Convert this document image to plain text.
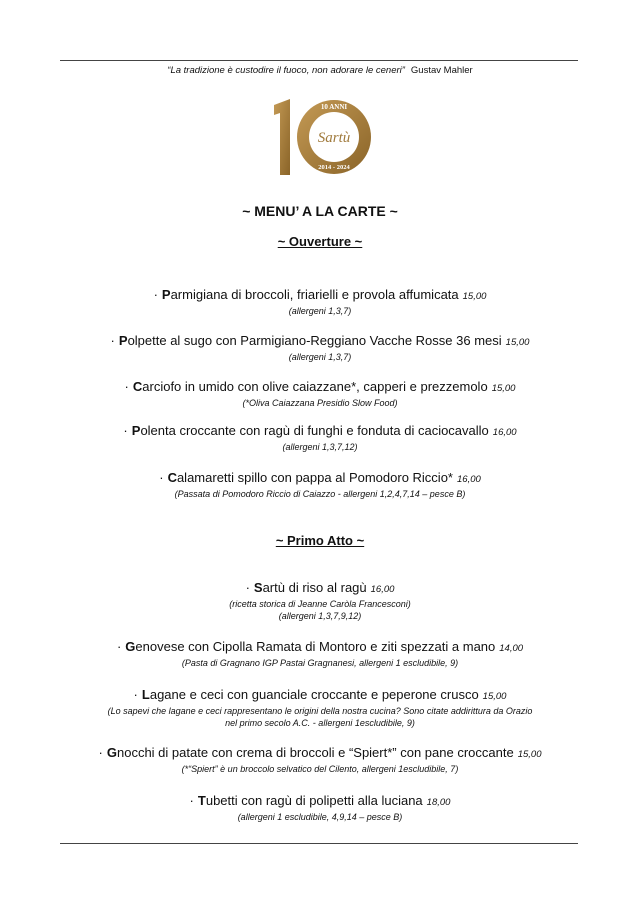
“La tradizione è custodire il fuoco, non adorare le ceneri” Gustav Mahler
10 ANNI
Sartù
2014 - 2024
~ MENU’ A LA CARTE ~
~ Ouverture ~
· Parmigiana di broccoli, friarielli e provola affumicata 15,00
(allergeni 1,3,7)
· Polpette al sugo con Parmigiano-Reggiano Vacche Rosse 36 mesi 15,00
(allergeni 1,3,7)
· Carciofo in umido con olive caiazzane*, capperi e prezzemolo 15,00
(*Oliva Caiazzana Presidio Slow Food)
· Polenta croccante con ragù di funghi e fonduta di caciocavallo 16,00
(allergeni 1,3,7,12)
· Calamaretti spillo con pappa al Pomodoro Riccio* 16,00
(Passata di Pomodoro Riccio di Caiazzo - allergeni 1,2,4,7,14 – pesce B)
~ Primo Atto ~
· Sartù di riso al ragù 16,00
(ricetta storica di Jeanne Caròla Francesconi)
(allergeni 1,3,7,9,12)
· Genovese con Cipolla Ramata di Montoro e ziti spezzati a mano 14,00
(Pasta di Gragnano IGP Pastai Gragnanesi, allergeni 1 escludibile, 9)
· Lagane e ceci con guanciale croccante e peperone crusco 15,00
(Lo sapevi che lagane e ceci rappresentano le origini della nostra cucina? Sono citate addirittura da Orazio
nel primo secolo A.C. - allergeni 1escludibile, 9)
· Gnocchi di patate con crema di broccoli e “Spiert*” con pane croccante 15,00
(*“Spiert” è un broccolo selvatico del Cilento, allergeni 1escludibile, 7)
· Tubetti con ragù di polipetti alla luciana 18,00
(allergeni 1 escludibile, 4,9,14 – pesce B)
